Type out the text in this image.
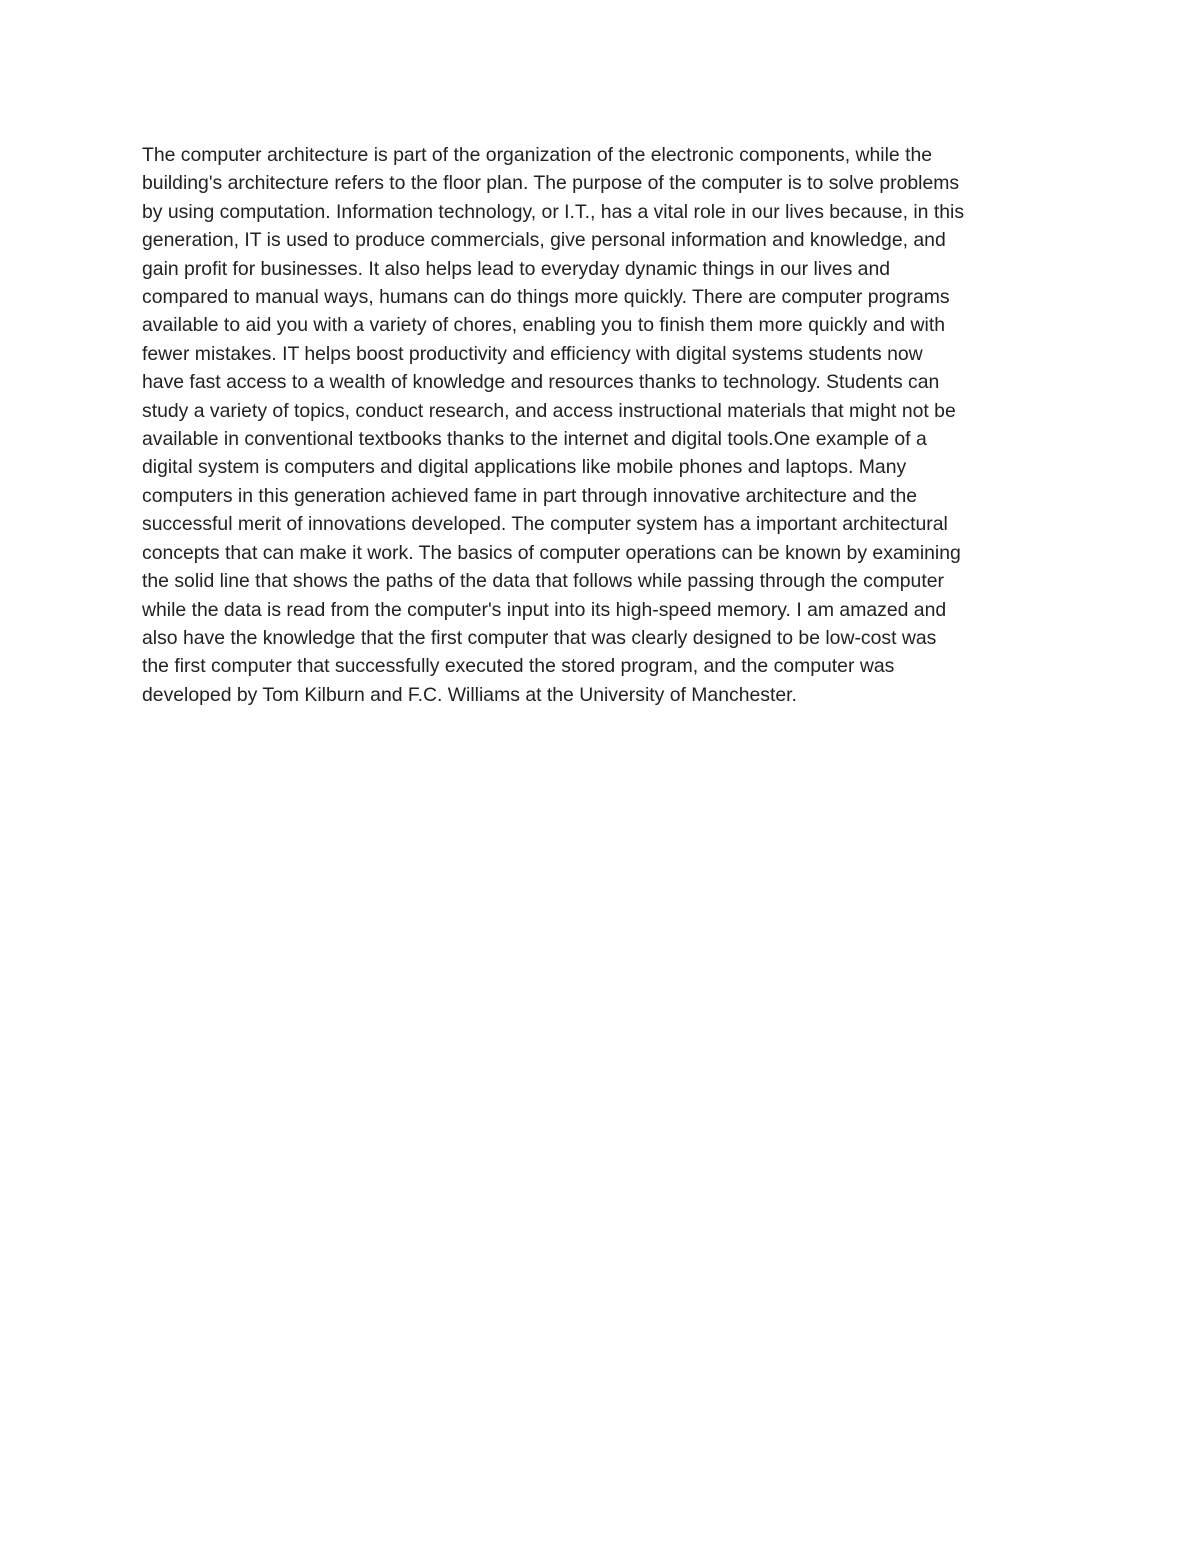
The computer architecture is part of the organization of the electronic components, while the
building's architecture refers to the floor plan. The purpose of the computer is to solve problems
by using computation. Information technology, or I.T., has a vital role in our lives because, in this
generation, IT is used to produce commercials, give personal information and knowledge, and
gain profit for businesses. It also helps lead to everyday dynamic things in our lives and
compared to manual ways, humans can do things more quickly. There are computer programs
available to aid you with a variety of chores, enabling you to finish them more quickly and with
fewer mistakes. IT helps boost productivity and efficiency with digital systems students now
have fast access to a wealth of knowledge and resources thanks to technology. Students can
study a variety of topics, conduct research, and access instructional materials that might not be
available in conventional textbooks thanks to the internet and digital tools.One example of a
digital system is computers and digital applications like mobile phones and laptops. Many
computers in this generation achieved fame in part through innovative architecture and the
successful merit of innovations developed. The computer system has a important architectural
concepts that can make it work. The basics of computer operations can be known by examining
the solid line that shows the paths of the data that follows while passing through the computer
while the data is read from the computer's input into its high-speed memory. I am amazed and
also have the knowledge that the first computer that was clearly designed to be low-cost was
the first computer that successfully executed the stored program, and the computer was
developed by Tom Kilburn and F.C. Williams at the University of Manchester.
